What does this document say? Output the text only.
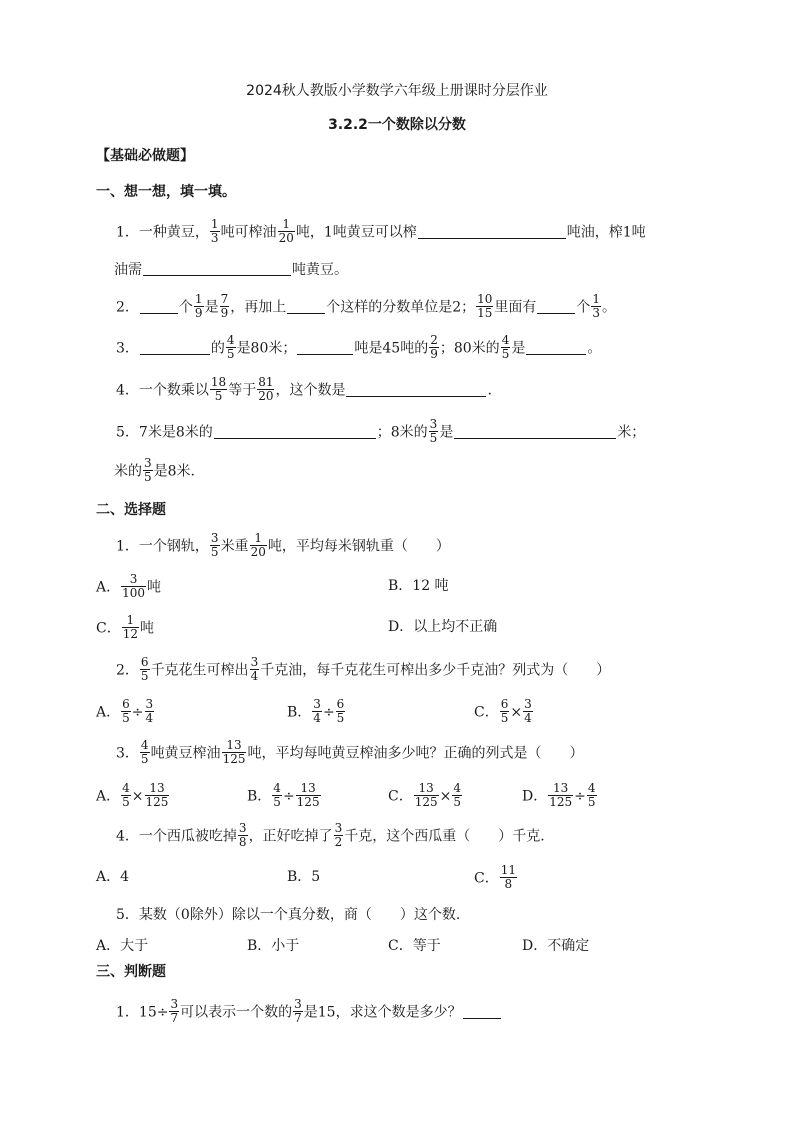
2024秋人教版小学数学六年级上册课时分层作业
3.2.2一个数除以分数
【基础必做题】
一、想一想，填一填。
1．一种黄豆， $\frac{1}{3}$ 吨可榨油 $\frac{1}{20}$ 吨，1吨黄豆可以榨	吨油，榨1吨
油需	吨黄豆。
2．	个 $\frac{1}{9}$ 是 $\frac{7}{9}$ ，再加上	个这样的分数单位是2； $\frac{10}{15}$ 里面有	个 $\frac{1}{3}$ 。
3．	的 $\frac{4}{5}$ 是80米；	吨是45吨的 $\frac{2}{9}$ ；80米的 $\frac{4}{5}$ 是	。
4．一个数乘以 $\frac{18}{5}$ 等于 $\frac{81}{20}$ ，这个数是	.
5．7米是8米的	；8米的 $\frac{3}{5}$ 是	米；
米的 $\frac{3}{5}$ 是8米.
二、选择题
1．一个钢轨， $\frac{3}{5}$ 米重 $\frac{1}{20}$ 吨，平均每米钢轨重（　　）
A． $\frac{3}{100}$ 吨	B．12 吨
C． $\frac{1}{12}$ 吨	D．以上均不正确
2． $\frac{6}{5}$ 千克花生可榨出 $\frac{3}{4}$ 千克油，每千克花生可榨出多少千克油？列式为（　　）
A． $\frac{6}{5} \div \frac{3}{4}$	B． $\frac{3}{4} \div \frac{6}{5}$	C． $\frac{6}{5} \times \frac{3}{4}$
3． $\frac{4}{5}$ 吨黄豆榨油 $\frac{13}{125}$ 吨，平均每吨黄豆榨油多少吨？正确的列式是（　　）
A． $\frac{4}{5} \times \frac{13}{125}$	B． $\frac{4}{5} \div \frac{13}{125}$	C． $\frac{13}{125} \times \frac{4}{5}$	D． $\frac{13}{125} \div \frac{4}{5}$
4．一个西瓜被吃掉 $\frac{3}{8}$ ，正好吃掉了 $\frac{3}{2}$ 千克，这个西瓜重（　　）千克.
A．4	B．5	C． $\frac{11}{8}$
5．某数（0除外）除以一个真分数，商（　　）这个数.
A．大于	B．小于	C．等于	D．不确定
三、判断题
1．$15\div \frac{3}{7}$ 可以表示一个数的 $\frac{3}{7}$ 是15，求这个数是多少？
